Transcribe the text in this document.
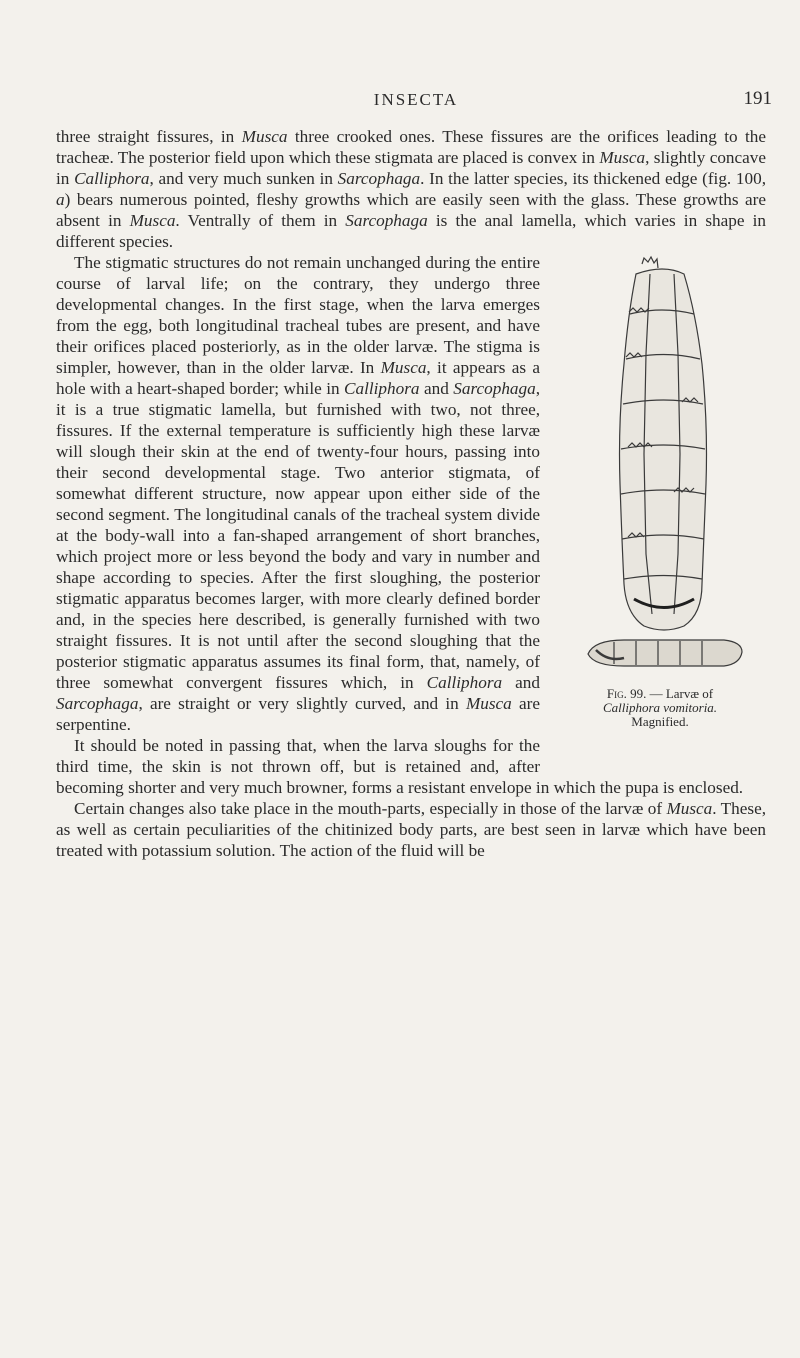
INSECTA	191

three straight fissures, in Musca three crooked ones. These fissures are the orifices leading to the tracheæ. The posterior field upon which these stigmata are placed is convex in Musca, slightly concave in Calliphora, and very much sunken in Sarcophaga. In the latter species, its thickened edge (fig. 100, a) bears numerous pointed, fleshy growths which are easily seen with the glass. These growths are absent in Musca. Ventrally of them in Sarcophaga is the anal lamella, which varies in shape in different species.

Fig. 99. — Larvæ of
Calliphora vomitoria.
Magnified.

The stigmatic structures do not remain unchanged during the entire course of larval life; on the contrary, they undergo three developmental changes. In the first stage, when the larva emerges from the egg, both longitudinal tracheal tubes are present, and have their orifices placed posteriorly, as in the older larvæ. The stigma is simpler, however, than in the older larvæ. In Musca, it appears as a hole with a heart-shaped border; while in Calliphora and Sarcophaga, it is a true stigmatic lamella, but furnished with two, not three, fissures. If the external temperature is sufficiently high these larvæ will slough their skin at the end of twenty-four hours, passing into their second developmental stage. Two anterior stigmata, of somewhat different structure, now appear upon either side of the second segment. The longitudinal canals of the tracheal system divide at the body-wall into a fan-shaped arrangement of short branches, which project more or less beyond the body and vary in number and shape according to species. After the first sloughing, the posterior stigmatic apparatus becomes larger, with more clearly defined border and, in the species here described, is generally furnished with two straight fissures. It is not until after the second sloughing that the posterior stigmatic apparatus assumes its final form, that, namely, of three somewhat convergent fissures which, in Calliphora and Sarcophaga, are straight or very slightly curved, and in Musca are serpentine.

It should be noted in passing that, when the larva sloughs for the third time, the skin is not thrown off, but is retained and, after becoming shorter and very much browner, forms a resistant envelope in which the pupa is enclosed.

Certain changes also take place in the mouth-parts, especially in those of the larvæ of Musca. These, as well as certain peculiarities of the chitinized body parts, are best seen in larvæ which have been treated with potassium solution. The action of the fluid will be
